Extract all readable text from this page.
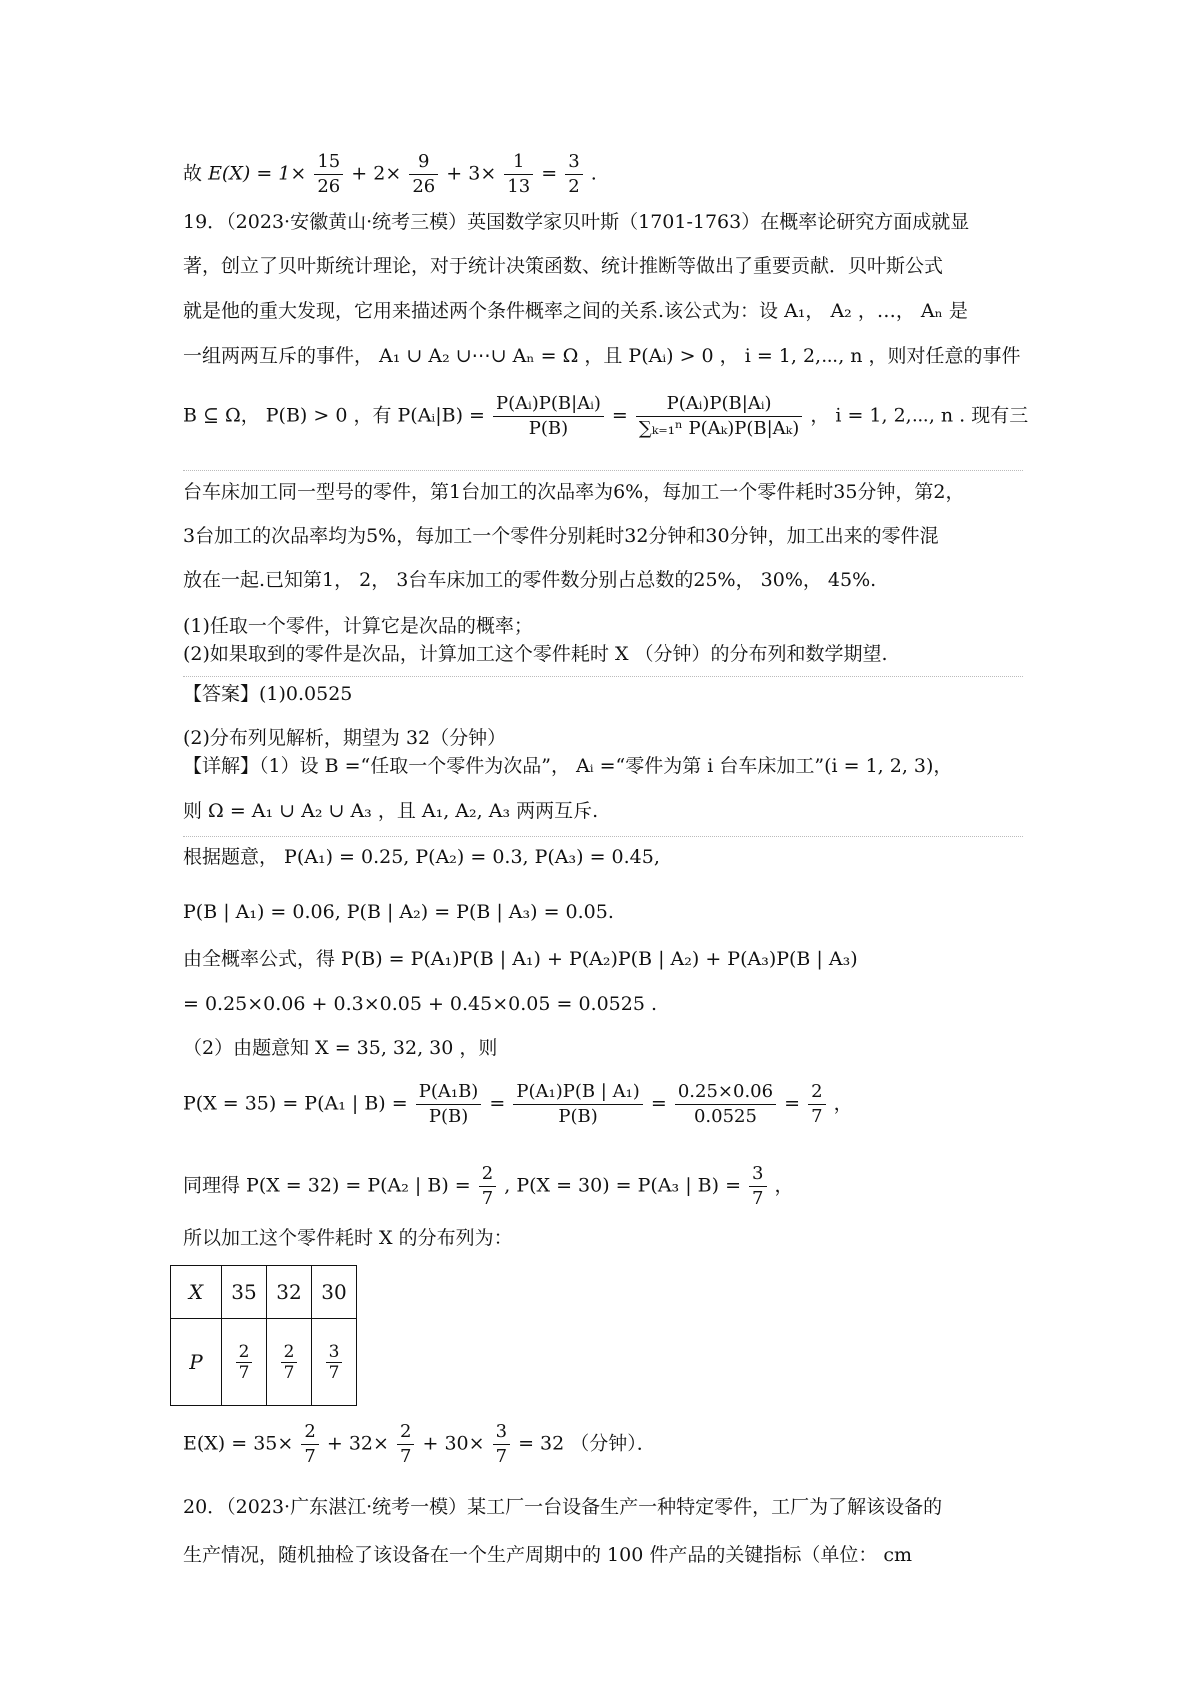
故 $E(X) = 1\times \frac{15}{26} + 2\times \frac{9}{26} + 3\times \frac{1}{13} = \frac{3}{2}$ .
19．（2023·安徽黄山·统考三模）英国数学家贝叶斯（1701-1763）在概率论研究方面成就显
著，创立了贝叶斯统计理论，对于统计决策函数、统计推断等做出了重要贡献．贝叶斯公式
就是他的重大发现，它用来描述两个条件概率之间的关系.该公式为：设 A₁， A₂ ，…， Aₙ 是
一组两两互斥的事件， A₁ ∪ A₂ ∪⋯∪ Aₙ = Ω ，且 P(Aᵢ) > 0 ， i = 1, 2,⋯, n ，则对任意的事件
B ⊆ Ω， P(B) > 0 ，有 P(Aᵢ|B) = $\frac{\text{P(Aᵢ)P(B|Aᵢ)}}{P(B)} = \frac{\text{P(Aᵢ)P(B|Aᵢ)}}{\text{∑ₖ₌₁ⁿ P(Aₖ)P(B|Aₖ)}}$ ， i = 1, 2,⋯, n . 现有三
台车床加工同一型号的零件，第1台加工的次品率为6%，每加工一个零件耗时35分钟，第2，
3台加工的次品率均为5%，每加工一个零件分别耗时32分钟和30分钟，加工出来的零件混
放在一起.已知第1， 2， 3台车床加工的零件数分别占总数的25%， 30%， 45%.
(1)任取一个零件，计算它是次品的概率；
(2)如果取到的零件是次品，计算加工这个零件耗时 X （分钟）的分布列和数学期望.
【答案】(1)0.0525
(2)分布列见解析，期望为 32（分钟）
【详解】（1）设 B =“任取一个零件为次品”， Aᵢ =“零件为第 i 台车床加工”(i = 1, 2, 3)，
则 Ω = A₁ ∪ A₂ ∪ A₃ ，且 A₁, A₂, A₃ 两两互斥.
根据题意， P(A₁) = 0.25, P(A₂) = 0.3, P(A₃) = 0.45,
P(B | A₁) = 0.06, P(B | A₂) = P(B | A₃) = 0.05.
由全概率公式，得 P(B) = P(A₁)P(B | A₁) + P(A₂)P(B | A₂) + P(A₃)P(B | A₃)
= 0.25×0.06 + 0.3×0.05 + 0.45×0.05 = 0.0525 .
（2）由题意知 X = 35, 32, 30 ，则
P(X = 35) = P(A₁ | $B) = \frac{\text{P(A₁B)}}{P(B)} = \frac{\text{P(A₁)P(B | A₁)}}{P(B)} = \frac{0.25\times 0.06}{0.0525} = \frac{2}{7}$ ，
同理得 P(X = 32) = P(A₂ | $B) = \frac{2}{7}$ , P(X = 30) = P(A₃ | $B) = \frac{3}{7}$ ，
所以加工这个零件耗时 X 的分布列为：
X	35	32	30
P	$\frac{2}{7}$	$\frac{2}{7}$	$\frac{3}{7}$
$E(X) = 35\times \frac{2}{7} + 32\times \frac{2}{7} + 30\times \frac{3}{7} = 32$ （分钟）．
20．（2023·广东湛江·统考一模）某工厂一台设备生产一种特定零件，工厂为了解该设备的
生产情况，随机抽检了该设备在一个生产周期中的 100 件产品的关键指标（单位： cm
